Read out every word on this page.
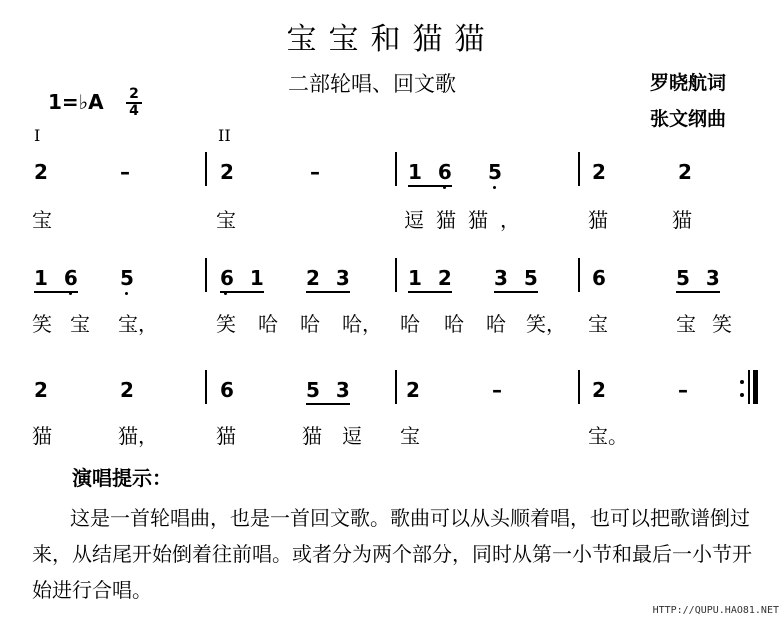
宝宝和猫猫
二部轮唱、回文歌	罗晓航词
张文纲曲
1=♭A 2
4
I	II
2	–	2	–	1 6 5	2	2
宝	宝	逗猫猫，	猫	猫
1 6 5	6 1 2 3	1 2 3 5	6	5 3
笑 宝 宝，	笑 哈 哈 哈， 哈 哈 哈 笑， 宝	宝 笑
2	2	6	5 3	2	–	2	–
猫	猫，	猫	猫 逗 宝	宝。
演唱提示：
这是一首轮唱曲，也是一首回文歌。歌曲可以从头顺着唱，也可以把歌谱倒过来，从结尾开始倒着往前唱。或者分为两个部分，同时从第一小节和最后一小节开始进行合唱。
HTTP://QUPU.HAO81.NET
